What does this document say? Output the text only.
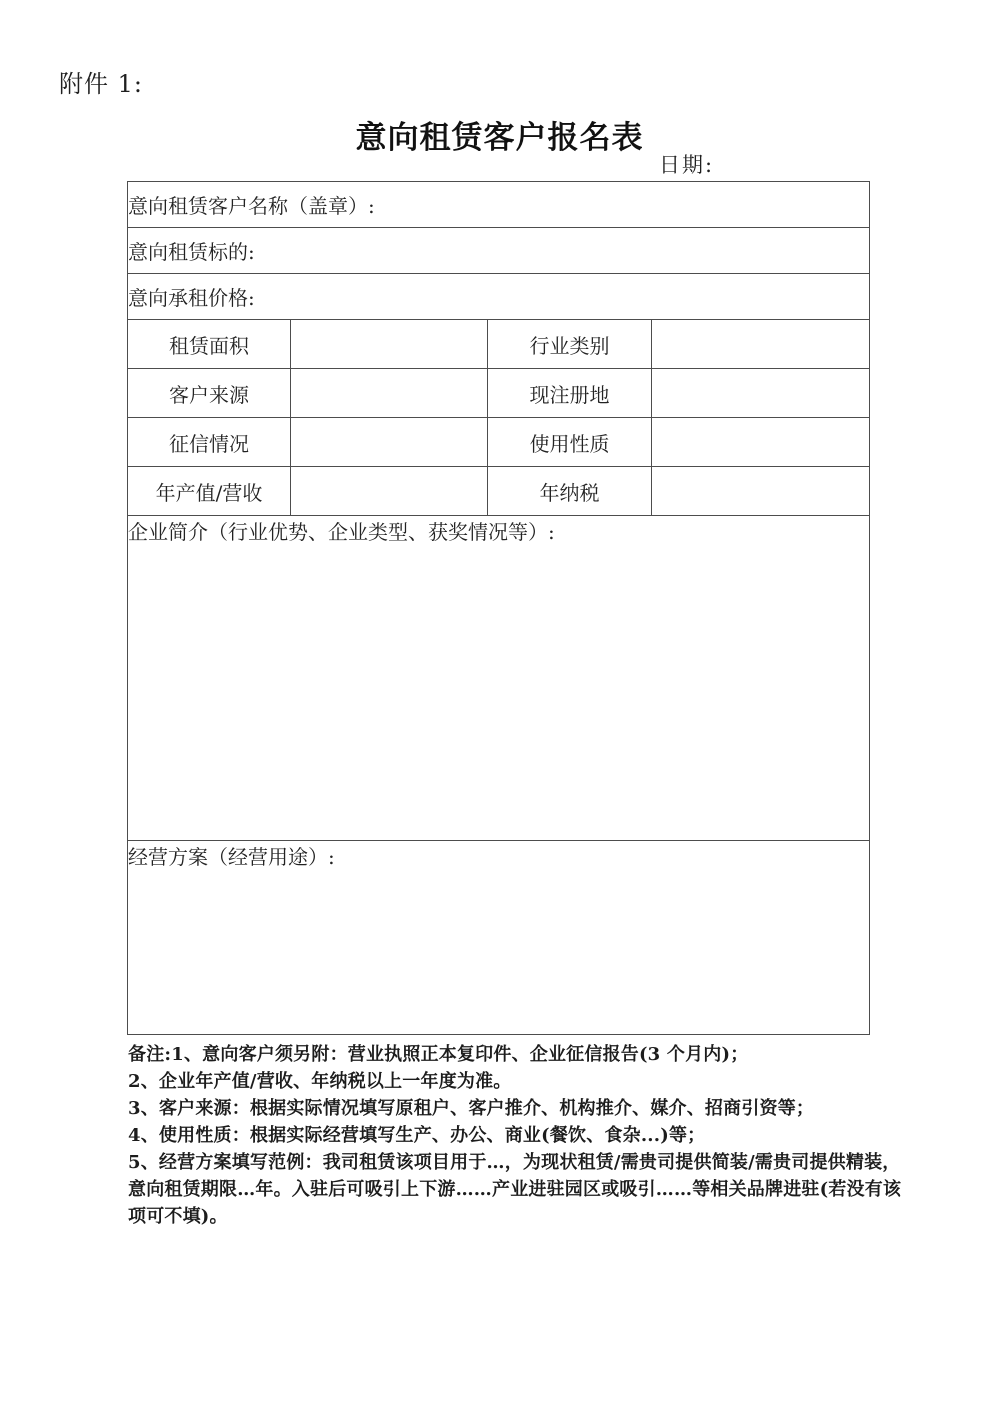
附件 1:
意向租赁客户报名表
日期:
意向租赁客户名称（盖章）:			
意向租赁标的:			
意向承租价格:			
租赁面积		行业类别	
客户来源		现注册地	
征信情况		使用性质	
年产值/营收		年纳税	
企业简介（行业优势、企业类型、获奖情况等）:			

经营方案（经营用途）:			
备注:1、意向客户须另附：营业执照正本复印件、企业征信报告(3 个月内)；
2、企业年产值/营收、年纳税以上一年度为准。
3、客户来源：根据实际情况填写原租户、客户推介、机构推介、媒介、招商引资等；
4、使用性质：根据实际经营填写生产、办公、商业(餐饮、食杂...)等；
5、经营方案填写范例：我司租赁该项目用于…，为现状租赁/需贵司提供简装/需贵司提供精装，
意向租赁期限…年。入驻后可吸引上下游……产业进驻园区或吸引……等相关品牌进驻(若没有该
项可不填)。
